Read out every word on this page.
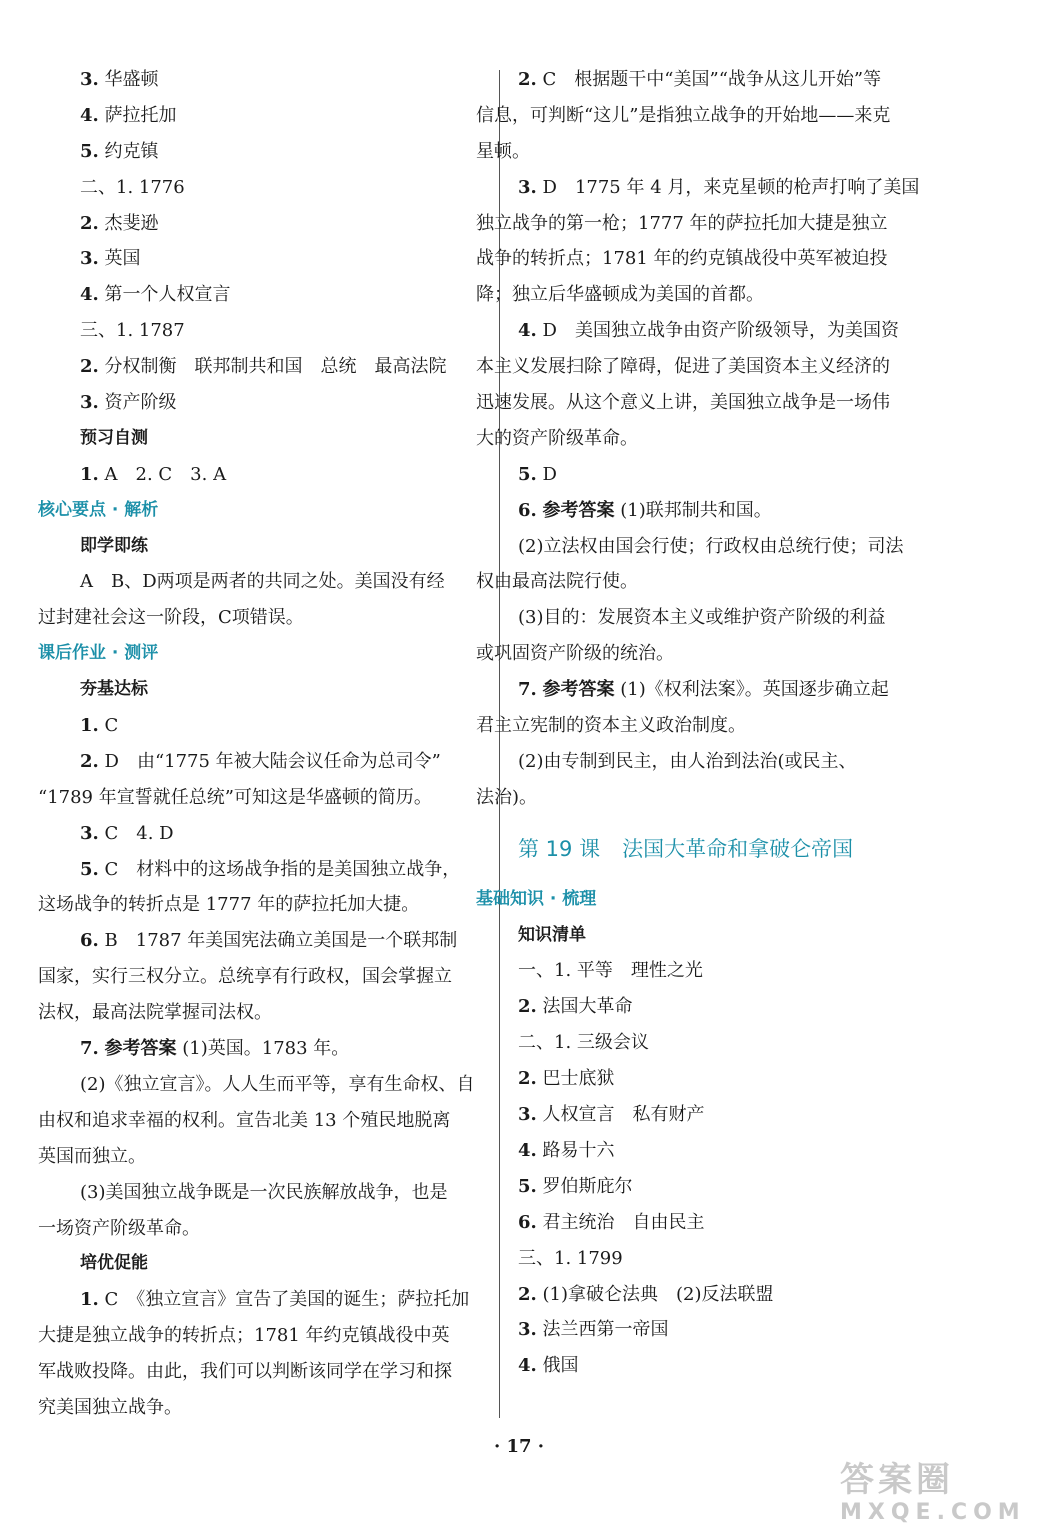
3. 华盛顿
4. 萨拉托加
5. 约克镇
二、1. 1776
2. 杰斐逊
3. 英国
4. 第一个人权宣言
三、1. 1787
2. 分权制衡　联邦制共和国　总统　最高法院
3. 资产阶级
预习自测
1. A　2. C　3. A
核心要点 · 解析
即学即练
A　B、D两项是两者的共同之处。美国没有经
过封建社会这一阶段，C项错误。
课后作业 · 测评
夯基达标
1. C
2. D　由“1775 年被大陆会议任命为总司令”
“1789 年宣誓就任总统”可知这是华盛顿的简历。
3. C　4. D
5. C　材料中的这场战争指的是美国独立战争，
这场战争的转折点是 1777 年的萨拉托加大捷。
6. B　1787 年美国宪法确立美国是一个联邦制
国家，实行三权分立。总统享有行政权，国会掌握立
法权，最高法院掌握司法权。
7. 参考答案 (1)英国。1783 年。
(2)《独立宣言》。人人生而平等，享有生命权、自
由权和追求幸福的权利。宣告北美 13 个殖民地脱离
英国而独立。
(3)美国独立战争既是一次民族解放战争，也是
一场资产阶级革命。
培优促能
1. C　《独立宣言》宣告了美国的诞生；萨拉托加
大捷是独立战争的转折点；1781 年约克镇战役中英
军战败投降。由此，我们可以判断该同学在学习和探
究美国独立战争。
2. C　根据题干中“美国”“战争从这儿开始”等
信息，可判断“这儿”是指独立战争的开始地——来克
星顿。
3. D　1775 年 4 月，来克星顿的枪声打响了美国
独立战争的第一枪；1777 年的萨拉托加大捷是独立
战争的转折点；1781 年的约克镇战役中英军被迫投
降；独立后华盛顿成为美国的首都。
4. D　美国独立战争由资产阶级领导，为美国资
本主义发展扫除了障碍，促进了美国资本主义经济的
迅速发展。从这个意义上讲，美国独立战争是一场伟
大的资产阶级革命。
5. D
6. 参考答案 (1)联邦制共和国。
(2)立法权由国会行使；行政权由总统行使；司法
权由最高法院行使。
(3)目的：发展资本主义或维护资产阶级的利益
或巩固资产阶级的统治。
7. 参考答案 (1)《权利法案》。英国逐步确立起
君主立宪制的资本主义政治制度。
(2)由专制到民主，由人治到法治(或民主、
法治)。
第 19 课 法国大革命和拿破仑帝国
基础知识 · 梳理
知识清单
一、1. 平等　理性之光
2. 法国大革命
二、1. 三级会议
2. 巴士底狱
3. 人权宣言　私有财产
4. 路易十六
5. 罗伯斯庇尔
6. 君主统治　自由民主
三、1. 1799
2. (1)拿破仑法典　(2)反法联盟
3. 法兰西第一帝国
4. 俄国
· 17 ·
答案圈
MXQE.COM
